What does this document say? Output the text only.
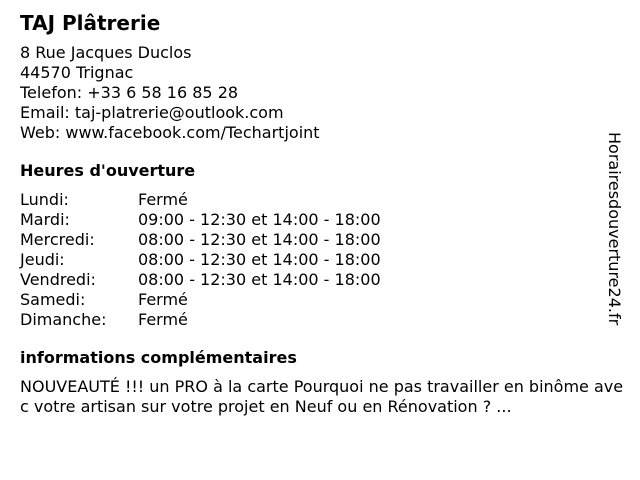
TAJ Plâtrerie
8 Rue Jacques Duclos
44570 Trignac
Telefon: +33 6 58 16 85 28
Email: taj-platrerie@outlook.com
Web: www.facebook.com/Techartjoint
Heures d'ouverture
Lundi:	Fermé
Mardi:	09:00 - 12:30 et 14:00 - 18:00
Mercredi:	08:00 - 12:30 et 14:00 - 18:00
Jeudi:	08:00 - 12:30 et 14:00 - 18:00
Vendredi:	08:00 - 12:30 et 14:00 - 18:00
Samedi:	Fermé
Dimanche:	Fermé
informations complémentaires
NOUVEAUTÉ !!! un PRO à la carte Pourquoi ne pas travailler en binôme avec votre artisan sur votre projet en Neuf ou en Rénovation ? ...
Horairesdouverture24.fr
